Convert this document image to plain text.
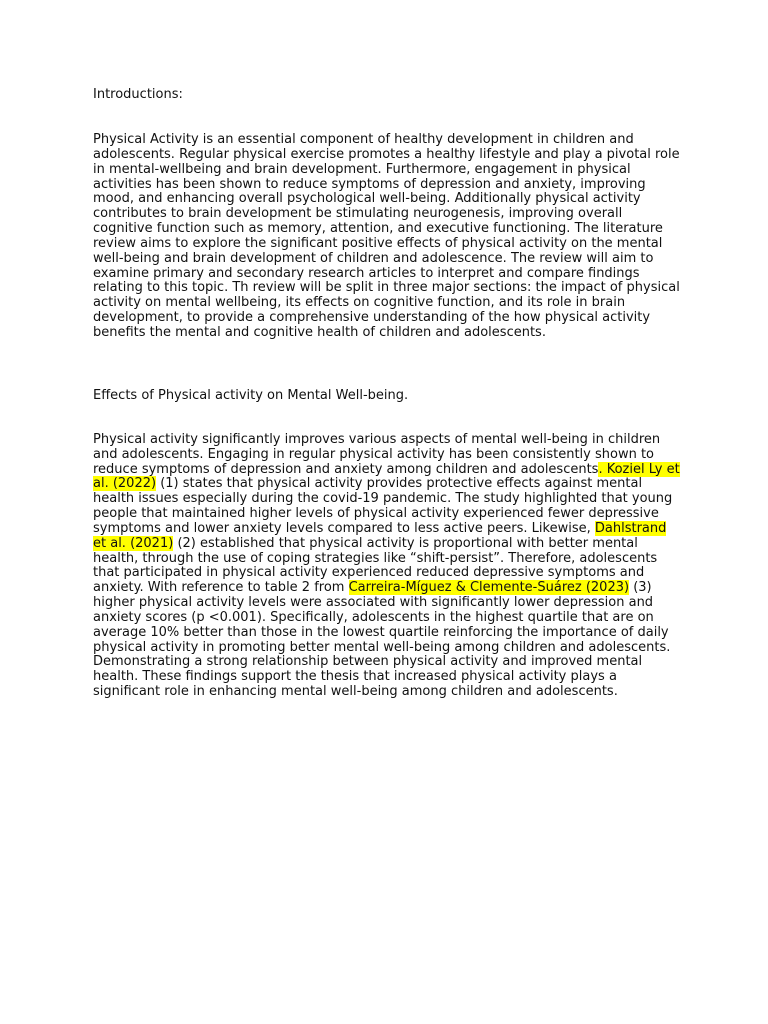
Introductions:

Physical Activity is an essential component of healthy development in children and adolescents. Regular physical exercise promotes a healthy lifestyle and play a pivotal role in mental-wellbeing and brain development. Furthermore, engagement in physical activities has been shown to reduce symptoms of depression and anxiety, improving mood, and enhancing overall psychological well-being. Additionally physical activity contributes to brain development be stimulating neurogenesis, improving overall cognitive function such as memory, attention, and executive functioning. The literature review aims to explore the significant positive effects of physical activity on the mental well-being and brain development of children and adolescence. The review will aim to examine primary and secondary research articles to interpret and compare findings relating to this topic. Th review will be split in three major sections: the impact of physical activity on mental wellbeing, its effects on cognitive function, and its role in brain development, to provide a comprehensive understanding of the how physical activity benefits the mental and cognitive health of children and adolescents.

Effects of Physical activity on Mental Well-being.

Physical activity significantly improves various aspects of mental well-being in children and adolescents. Engaging in regular physical activity has been consistently shown to reduce symptoms of depression and anxiety among children and adolescents. Koziel Ly et al. (2022) (1) states that physical activity provides protective effects against mental health issues especially during the covid-19 pandemic. The study highlighted that young people that maintained higher levels of physical activity experienced fewer depressive symptoms and lower anxiety levels compared to less active peers. Likewise, Dahlstrand et al. (2021) (2) established that physical activity is proportional with better mental health, through the use of coping strategies like “shift-persist”. Therefore, adolescents that participated in physical activity experienced reduced depressive symptoms and anxiety. With reference to table 2 from Carreira-Míguez & Clemente-Suárez (2023) (3) higher physical activity levels were associated with significantly lower depression and anxiety scores (p <0.001). Specifically, adolescents in the highest quartile that are on average 10% better than those in the lowest quartile reinforcing the importance of daily physical activity in promoting better mental well-being among children and adolescents. Demonstrating a strong relationship between physical activity and improved mental health. These findings support the thesis that increased physical activity plays a significant role in enhancing mental well-being among children and adolescents.
